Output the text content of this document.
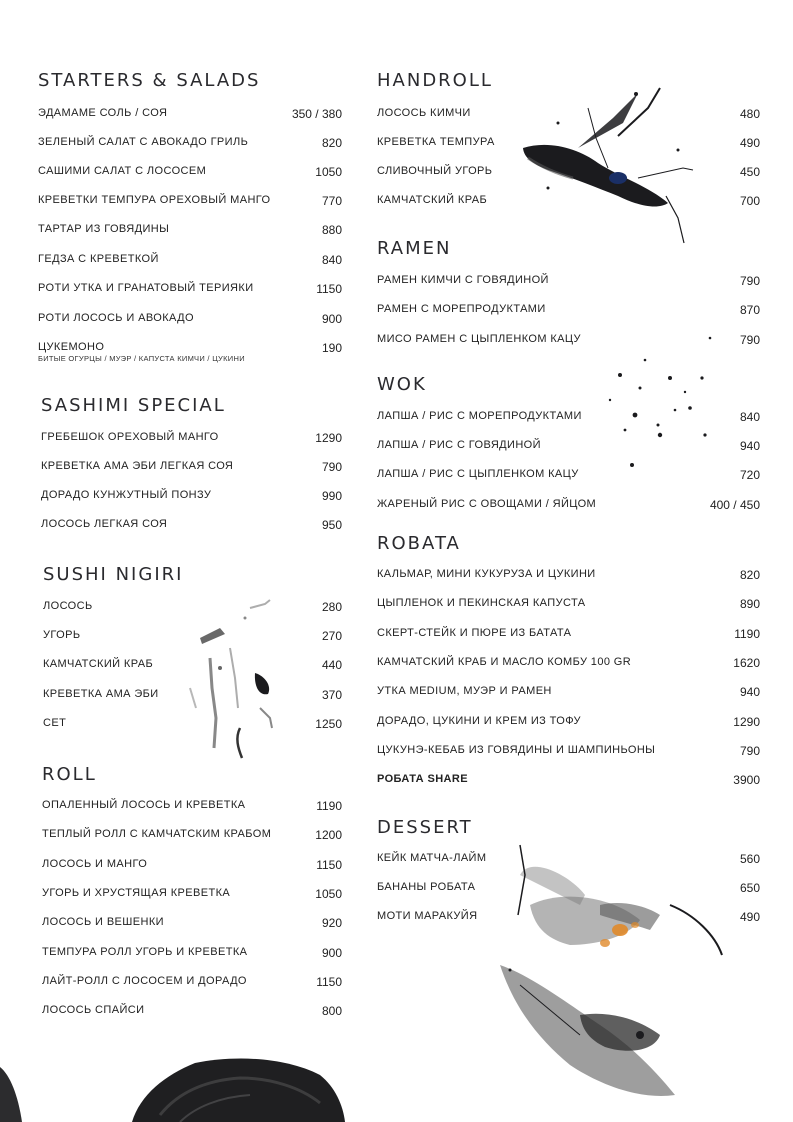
STARTERS & SALADS
ЭДАМАМЕ СОЛЬ / СОЯ	350 / 380
ЗЕЛЕНЫЙ САЛАТ С АВОКАДО ГРИЛЬ	820
САШИМИ САЛАТ С ЛОСОСЕМ	1050
КРЕВЕТКИ ТЕМПУРА ОРЕХОВЫЙ МАНГО	770
ТАРТАР ИЗ ГОВЯДИНЫ	880
ГЕДЗА С КРЕВЕТКОЙ	840
РОТИ УТКА И ГРАНАТОВЫЙ ТЕРИЯКИ	1150
РОТИ ЛОСОСЬ И АВОКАДО	900
ЦУКЕМОНО	190
БИТЫЕ ОГУРЦЫ / МУЭР / КАПУСТА КИМЧИ / ЦУКИНИ
SASHIMI SPECIAL
ГРЕБЕШОК ОРЕХОВЫЙ МАНГО	1290
КРЕВЕТКА АМА ЭБИ ЛЕГКАЯ СОЯ	790
ДОРАДО КУНЖУТНЫЙ ПОНЗУ	990
ЛОСОСЬ ЛЕГКАЯ СОЯ	950
SUSHI NIGIRI
ЛОСОСЬ	280
УГОРЬ	270
КАМЧАТСКИЙ КРАБ	440
КРЕВЕТКА АМА ЭБИ	370
СЕТ	1250
ROLL
ОПАЛЕННЫЙ ЛОСОСЬ И КРЕВЕТКА	1190
ТЕПЛЫЙ РОЛЛ С КАМЧАТСКИМ КРАБОМ	1200
ЛОСОСЬ И МАНГО	1150
УГОРЬ И ХРУСТЯЩАЯ КРЕВЕТКА	1050
ЛОСОСЬ И ВЕШЕНКИ	920
ТЕМПУРА РОЛЛ УГОРЬ И КРЕВЕТКА	900
ЛАЙТ-РОЛЛ С ЛОСОСЕМ И ДОРАДО	1150
ЛОСОСЬ СПАЙСИ	800
HANDROLL
ЛОСОСЬ КИМЧИ	480
КРЕВЕТКА ТЕМПУРА	490
СЛИВОЧНЫЙ УГОРЬ	450
КАМЧАТСКИЙ КРАБ	700
RAMEN
РАМЕН КИМЧИ С ГОВЯДИНОЙ	790
РАМЕН С МОРЕПРОДУКТАМИ	870
МИСО РАМЕН С ЦЫПЛЕНКОМ КАЦУ	790
WOK
ЛАПША / РИС С МОРЕПРОДУКТАМИ	840
ЛАПША / РИС С ГОВЯДИНОЙ	940
ЛАПША / РИС С ЦЫПЛЕНКОМ КАЦУ	720
ЖАРЕНЫЙ РИС С ОВОЩАМИ / ЯЙЦОМ	400 / 450
ROBATA
КАЛЬМАР, МИНИ КУКУРУЗА И ЦУКИНИ	820
ЦЫПЛЕНОК И ПЕКИНСКАЯ КАПУСТА	890
СКЕРТ-СТЕЙК И ПЮРЕ ИЗ БАТАТА	1190
КАМЧАТСКИЙ КРАБ И МАСЛО КОМБУ 100 GR	1620
УТКА MEDIUM, МУЭР И РАМЕН	940
ДОРАДО, ЦУКИНИ И КРЕМ ИЗ ТОФУ	1290
ЦУКУНЭ-КЕБАБ ИЗ ГОВЯДИНЫ И ШАМПИНЬОНЫ	790
РОБАТА SHARE	3900
DESSERT
КЕЙК МАТЧА-ЛАЙМ	560
БАНАНЫ РОБАТА	650
МОТИ МАРАКУЙЯ	490
